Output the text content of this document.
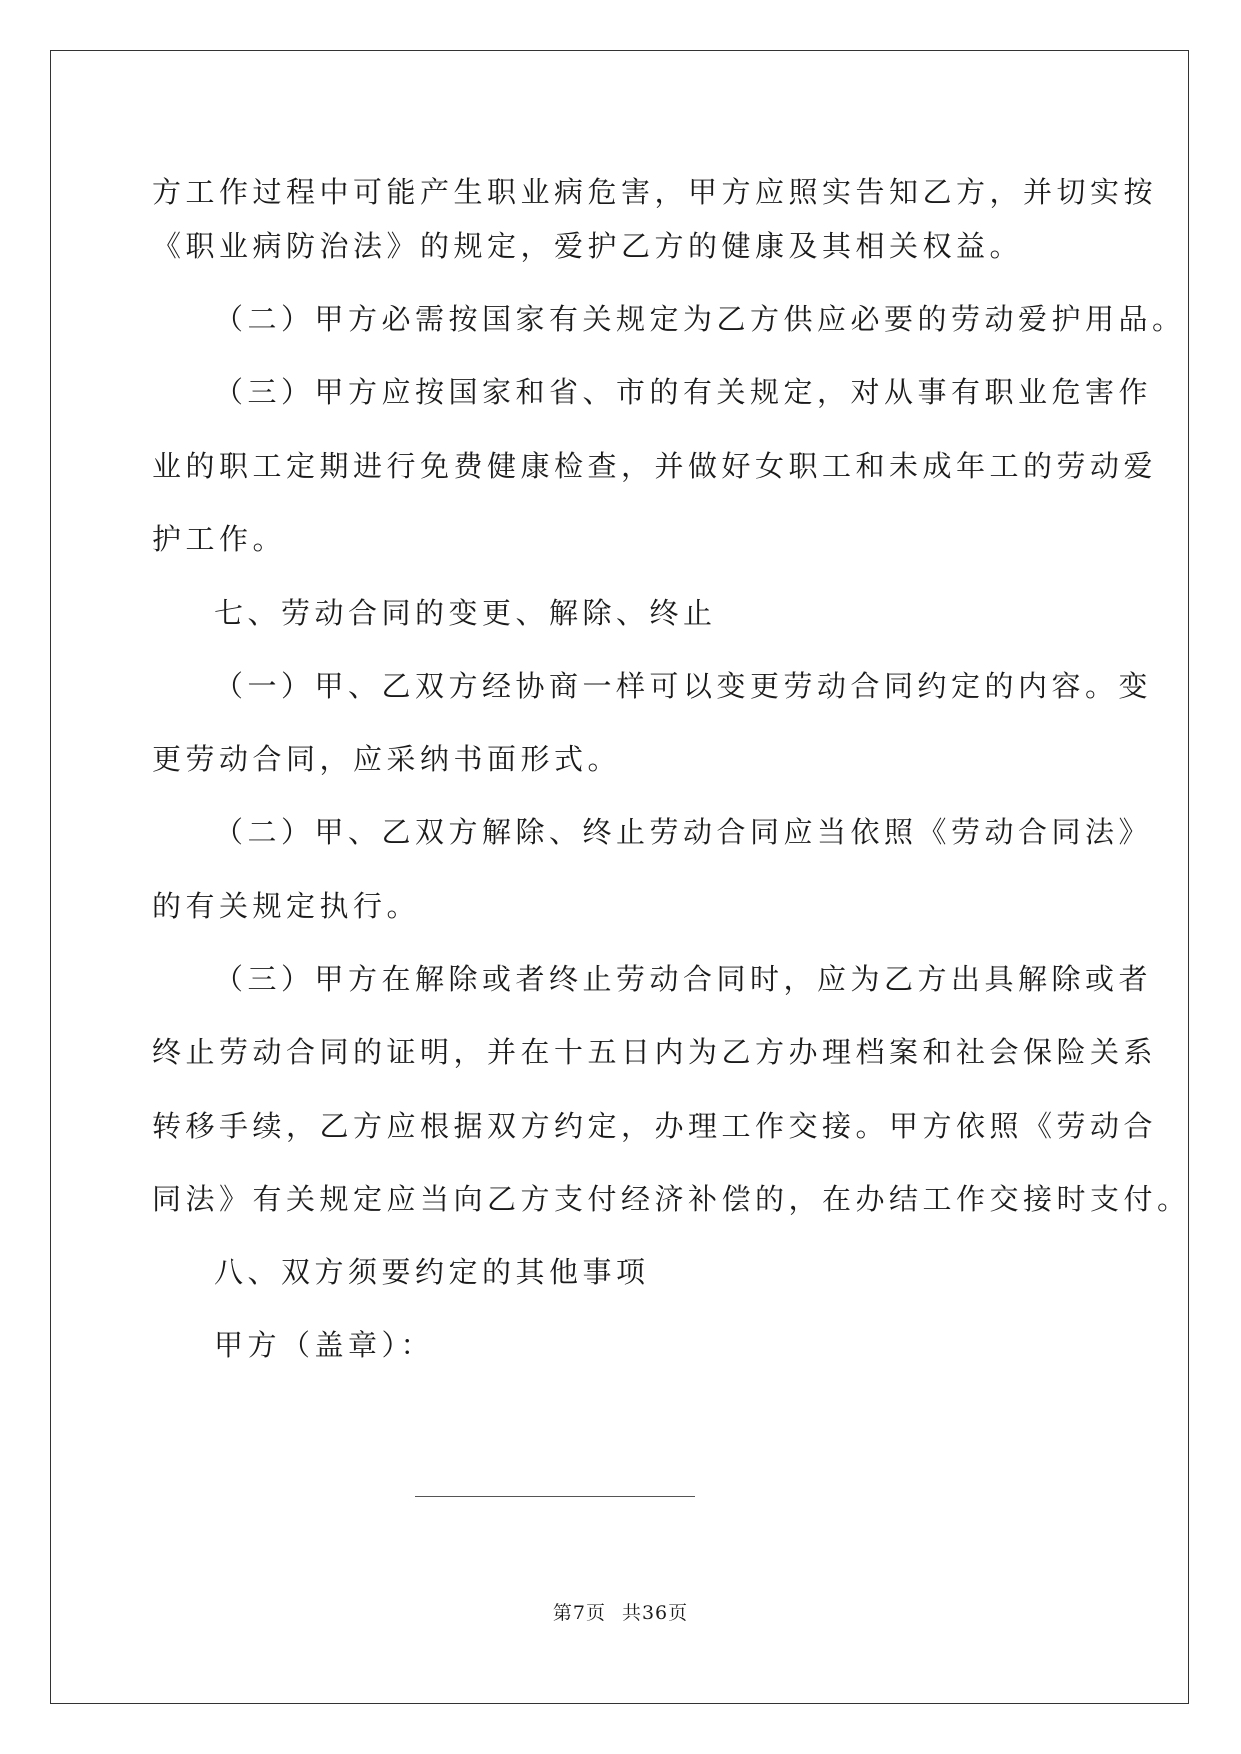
方工作过程中可能产生职业病危害，甲方应照实告知乙方，并切实按
《职业病防治法》的规定，爱护乙方的健康及其相关权益。
（二）甲方必需按国家有关规定为乙方供应必要的劳动爱护用品。
（三）甲方应按国家和省、市的有关规定，对从事有职业危害作
业的职工定期进行免费健康检查，并做好女职工和未成年工的劳动爱
护工作。
七、劳动合同的变更、解除、终止
（一）甲、乙双方经协商一样可以变更劳动合同约定的内容。变
更劳动合同，应采纳书面形式。
（二）甲、乙双方解除、终止劳动合同应当依照《劳动合同法》
的有关规定执行。
（三）甲方在解除或者终止劳动合同时，应为乙方出具解除或者
终止劳动合同的证明，并在十五日内为乙方办理档案和社会保险关系
转移手续，乙方应根据双方约定，办理工作交接。甲方依照《劳动合
同法》有关规定应当向乙方支付经济补偿的，在办结工作交接时支付。
八、双方须要约定的其他事项
甲方（盖章）：
第7页 共36页
